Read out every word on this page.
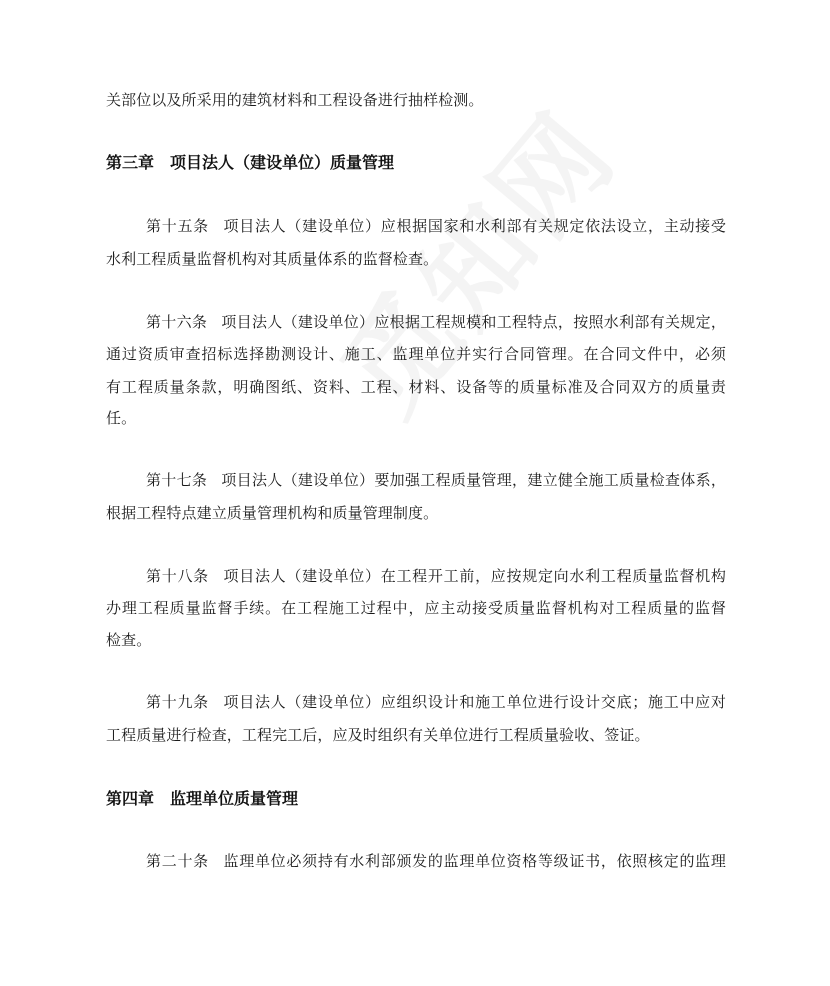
关部位以及所采用的建筑材料和工程设备进行抽样检测。
第三章 项目法人（建设单位）质量管理
第十五条 项目法人（建设单位）应根据国家和水利部有关规定依法设立，主动接受
水利工程质量监督机构对其质量体系的监督检查。
第十六条 项目法人（建设单位）应根据工程规模和工程特点，按照水利部有关规定，
通过资质审查招标选择勘测设计、施工、监理单位并实行合同管理。在合同文件中，必须
有工程质量条款，明确图纸、资料、工程、材料、设备等的质量标准及合同双方的质量责
任。
第十七条 项目法人（建设单位）要加强工程质量管理，建立健全施工质量检查体系，
根据工程特点建立质量管理机构和质量管理制度。
第十八条 项目法人（建设单位）在工程开工前，应按规定向水利工程质量监督机构
办理工程质量监督手续。在工程施工过程中，应主动接受质量监督机构对工程质量的监督
检查。
第十九条 项目法人（建设单位）应组织设计和施工单位进行设计交底；施工中应对
工程质量进行检查，工程完工后，应及时组织有关单位进行工程质量验收、签证。
第四章 监理单位质量管理
第二十条 监理单位必须持有水利部颁发的监理单位资格等级证书，依照核定的监理
